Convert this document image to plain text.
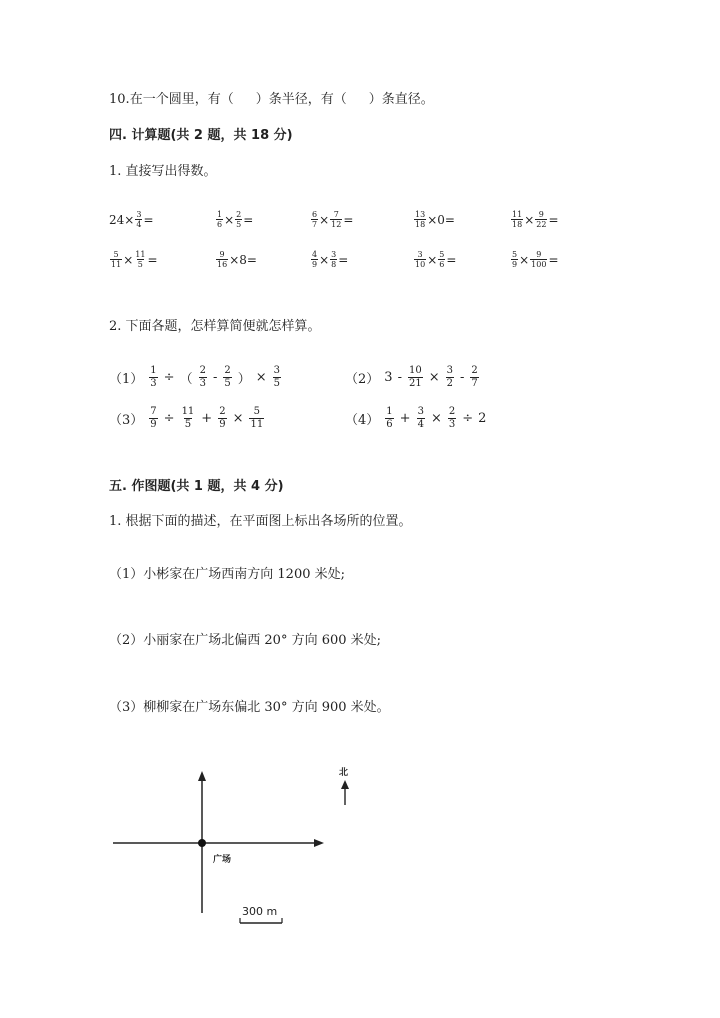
10.在一个圆里，有（ ）条半径，有（ ）条直径。
四. 计算题(共 2 题，共 18 分)
1. 直接写出得数。
$24 \times \frac{3}{4}$ =	$\frac{1}{6} \times \frac{2}{5}$ =	$\frac{6}{7} \times \frac{7}{12}$ =	$\frac{13}{18} \times 0$ =	$\frac{11}{18} \times \frac{9}{22}$ =
$\frac{5}{11} \times \frac{11}{5}$ =	$\frac{9}{16} \times 8$ =	$\frac{4}{9} \times \frac{3}{8}$ =	$\frac{3}{10} \times \frac{5}{6}$ =	$\frac{5}{9} \times \frac{9}{100}$ =
2. 下面各题，怎样算简便就怎样算。
$(1) \frac{1}{3}$ ÷ （ $\frac{2}{3} - \frac{2}{5}$ ） × $\frac{3}{5}$	（2） $3 - \frac{10}{21} \times \frac{3}{2} - \frac{2}{7}$
$(3) \frac{7}{9} \div \frac{11}{5} + \frac{2}{9} \times \frac{5}{11}$	$(4) \frac{1}{6} + \frac{3}{4} \times \frac{2}{3} \div 2$
五. 作图题(共 1 题，共 4 分)
1. 根据下面的描述，在平面图上标出各场所的位置。
（1）小彬家在广场西南方向 1200 米处;
（2）小丽家在广场北偏西 20° 方向 600 米处;
（3）柳柳家在广场东偏北 30° 方向 900 米处。
广场
北
300 m
